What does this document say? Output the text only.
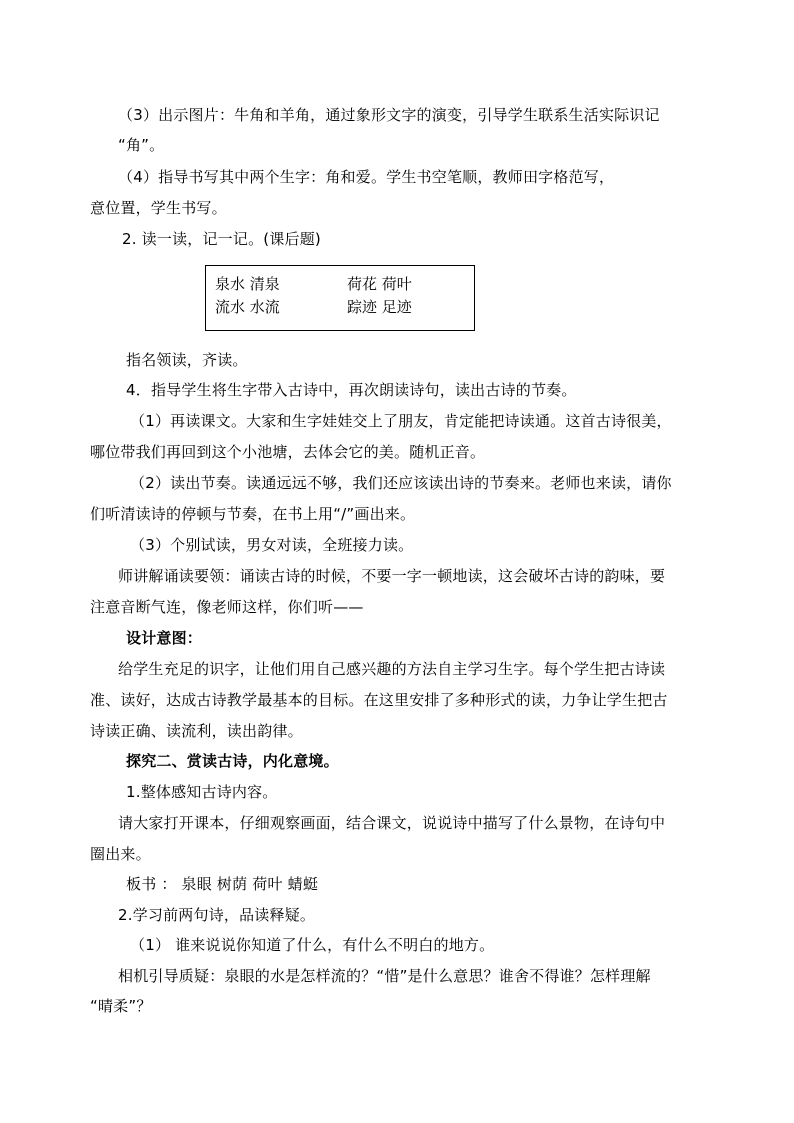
（3）出示图片：牛角和羊角，通过象形文字的演变，引导学生联系生活实际识记
“角”。
（4）指导书写其中两个生字：角和爱。学生书空笔顺，教师田字格范写，
意位置，学生书写。
2. 读一读，记一记。(课后题)
泉水 清泉	荷花 荷叶
流水 水流	踪迹 足迹
指名领读，齐读。
4．指导学生将生字带入古诗中，再次朗读诗句，读出古诗的节奏。
（1）再读课文。大家和生字娃娃交上了朋友，肯定能把诗读通。这首古诗很美，
哪位带我们再回到这个小池塘，去体会它的美。随机正音。
（2）读出节奏。读通远远不够，我们还应该读出诗的节奏来。老师也来读，请你
们听清读诗的停顿与节奏，在书上用“/”画出来。
（3）个别试读，男女对读，全班接力读。
师讲解诵读要领：诵读古诗的时候，不要一字一顿地读，这会破坏古诗的韵味，要
注意音断气连，像老师这样，你们听——
设计意图：
给学生充足的识字，让他们用自己感兴趣的方法自主学习生字。每个学生把古诗读
准、读好，达成古诗教学最基本的目标。在这里安排了多种形式的读，力争让学生把古
诗读正确、读流利，读出韵律。
探究二、赏读古诗，内化意境。
1.整体感知古诗内容。
请大家打开课本，仔细观察画面，结合课文，说说诗中描写了什么景物，在诗句中
圈出来。
板书 ： 泉眼 树荫 荷叶 蜻蜓
2.学习前两句诗，品读释疑。
（1） 谁来说说你知道了什么，有什么不明白的地方。
相机引导质疑：泉眼的水是怎样流的？“惜”是什么意思？谁舍不得谁？怎样理解
“晴柔”？
